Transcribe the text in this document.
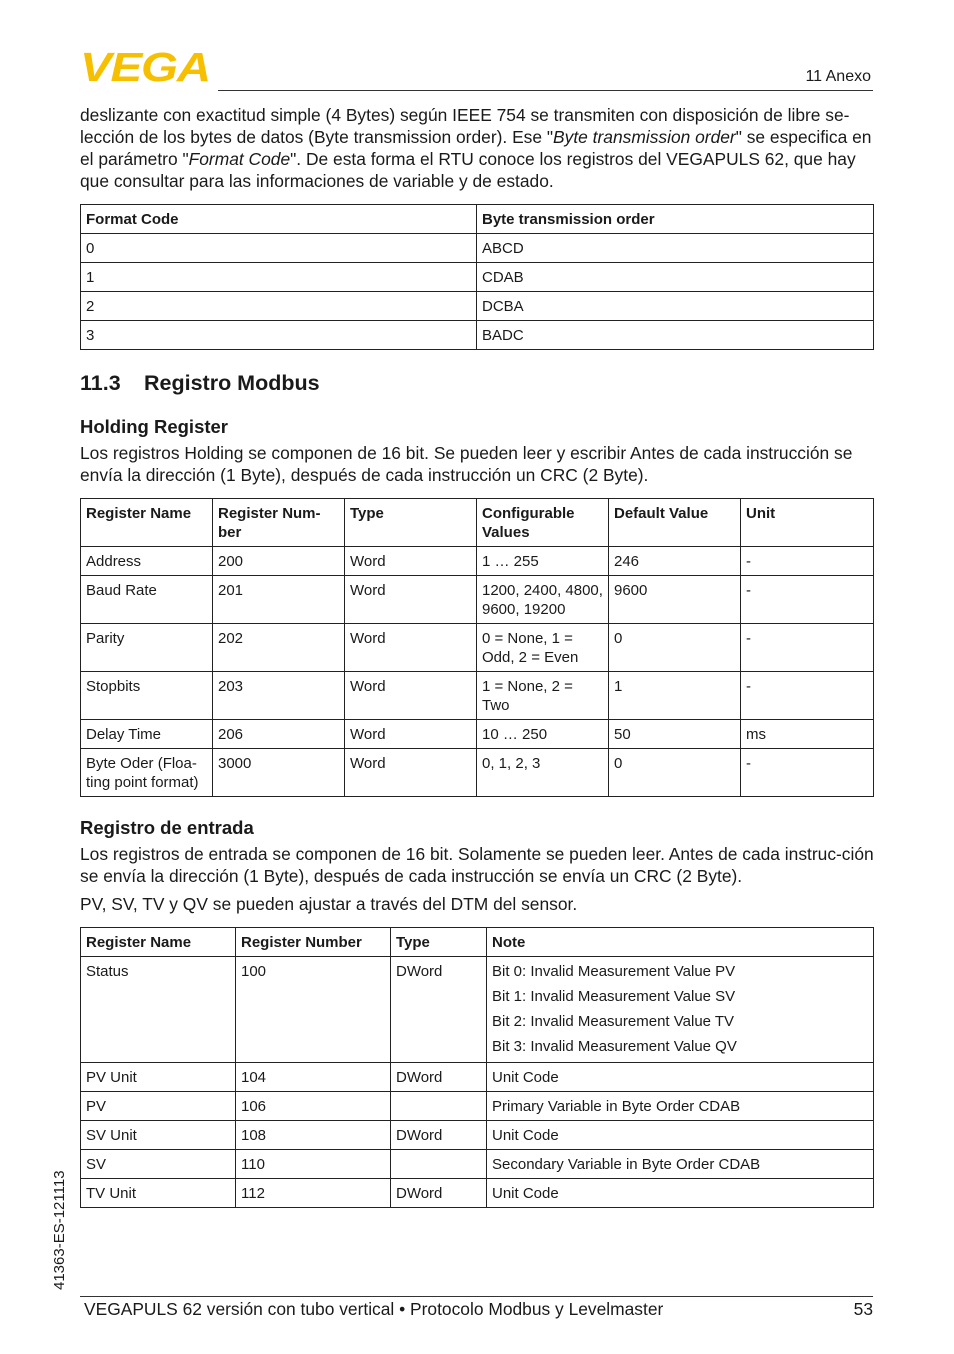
VEGA	11 Anexo

deslizante con exactitud simple (4 Bytes) según IEEE 754 se transmiten con disposición de libre se-lección de los bytes de datos (Byte transmission order). Ese "Byte transmission order" se especifica en el parámetro "Format Code". De esta forma el RTU conoce los registros del VEGAPULS 62, que hay que consultar para las informaciones de variable y de estado.

Format Code	Byte transmission order
0	ABCD
1	CDAB
2	DCBA
3	BADC
11.3 Registro Modbus
Holding Register

Los registros Holding se componen de 16 bit. Se pueden leer y escribir Antes de cada instrucción se envía la dirección (1 Byte), después de cada instrucción un CRC (2 Byte).

Register Name	Register Num-ber	Type	Configurable Values	Default Value	Unit
Address	200	Word	1 … 255	246	-
Baud Rate	201	Word	1200, 2400, 4800, 9600, 19200	9600	-
Parity	202	Word	0 = None, 1 = Odd, 2 = Even	0	-
Stopbits	203	Word	1 = None, 2 = Two	1	-
Delay Time	206	Word	10 … 250	50	ms
Byte Oder (Floa-ting point format)	3000	Word	0, 1, 2, 3	0	-
Registro de entrada

Los registros de entrada se componen de 16 bit. Solamente se pueden leer. Antes de cada instruc-ción se envía la dirección (1 Byte), después de cada instrucción se envía un CRC (2 Byte).

PV, SV, TV y QV se pueden ajustar a través del DTM del sensor.

Register Name	Register Number	Type	Note
Status	100	DWord	Bit 0: Invalid Measurement Value PV
Bit 1: Invalid Measurement Value SV
Bit 2: Invalid Measurement Value TV
Bit 3: Invalid Measurement Value QV

PV Unit	104	DWord	Unit Code
PV	106		Primary Variable in Byte Order CDAB
SV Unit	108	DWord	Unit Code
SV	110		Secondary Variable in Byte Order CDAB
TV Unit	112	DWord	Unit Code
41363-ES-121113
VEGAPULS 62 versión con tubo vertical • Protocolo Modbus y Levelmaster	53
